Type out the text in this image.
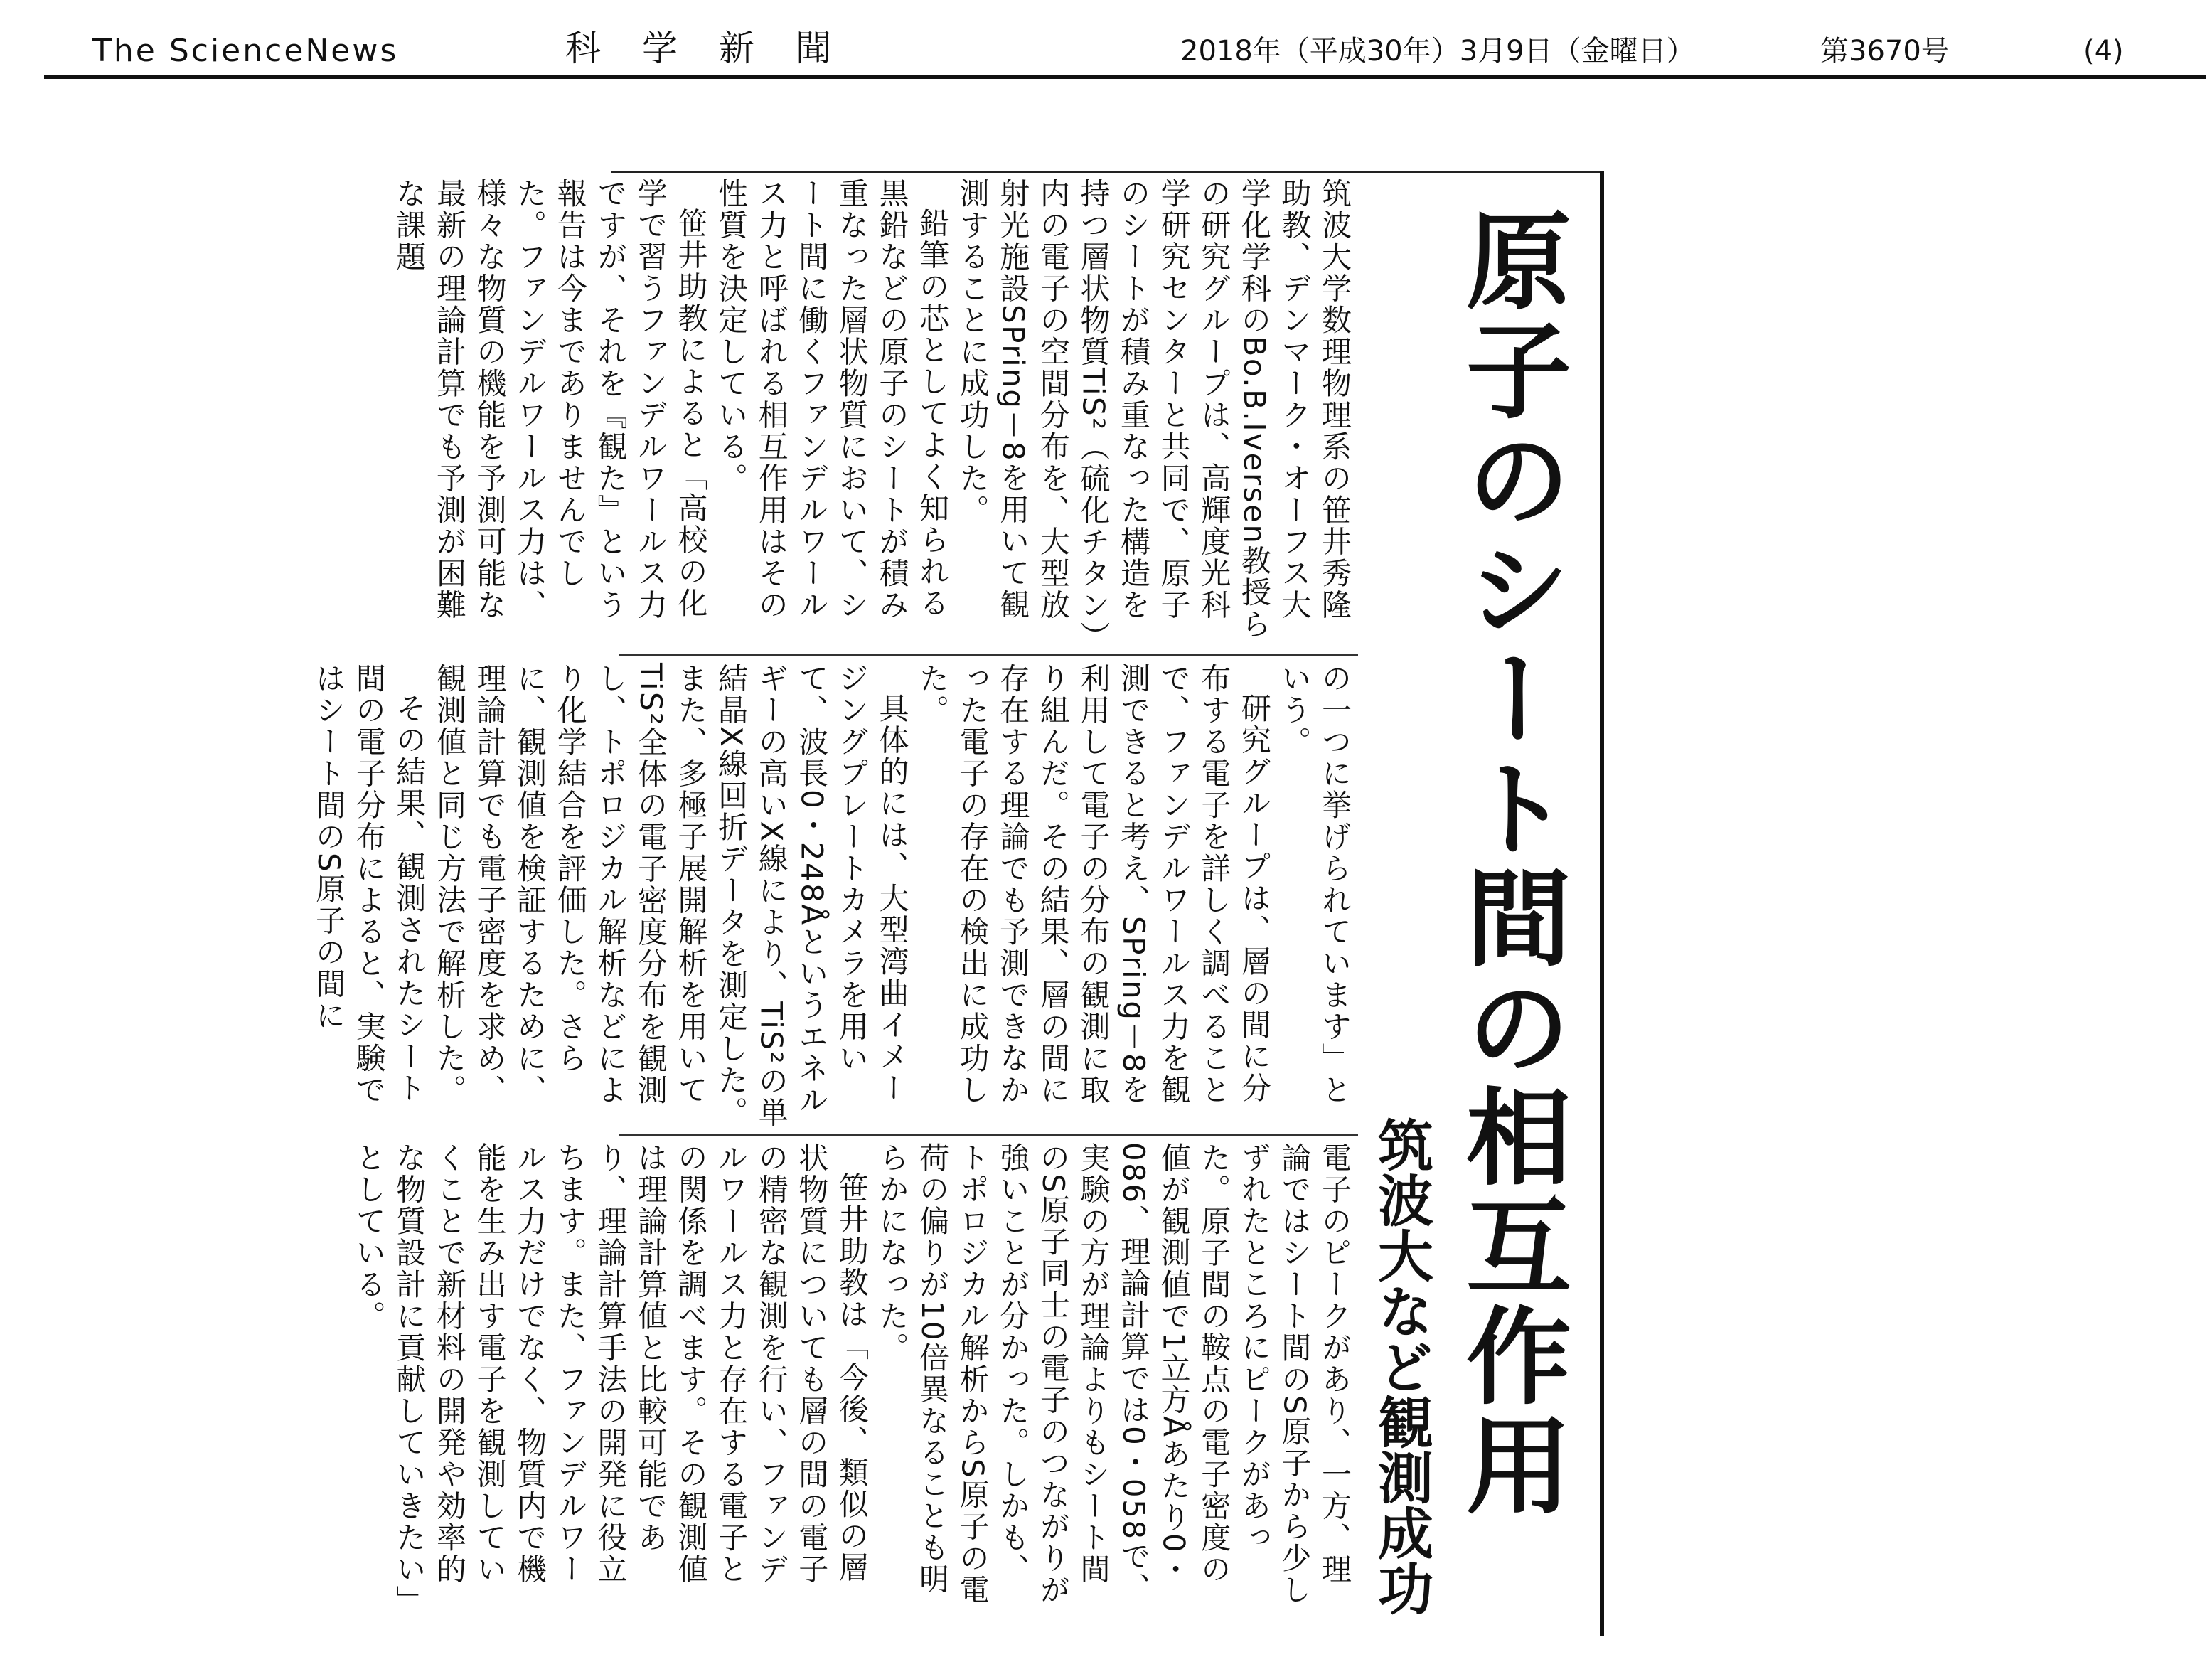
The ScienceNews	科学新聞	2018年（平成30年）3月9日（金曜日）	第3670号	(4)
原子のシート間の相互作用
筑波大など観測成功

筑波大学数理物理系の笹井秀隆助教、デンマーク・オーフス大学化学科のBo.B.Iversen教授らの研究グループは、高輝度光科学研究センターと共同で、原子のシートが積み重なった構造を持つ層状物質TiS²（硫化チタン）内の電子の空間分布を、大型放射光施設SPring－8を用いて観測することに成功した。

鉛筆の芯としてよく知られる黒鉛などの原子のシートが積み重なった層状物質において、シート間に働くファンデルワールス力と呼ばれる相互作用はその性質を決定している。

笹井助教によると「高校の化学で習うファンデルワールス力ですが、それを『観た』という報告は今までありませんでした。ファンデルワールス力は、様々な物質の機能を予測可能な最新の理論計算でも予測が困難な課題

の一つに挙げられています」という。

研究グループは、層の間に分布する電子を詳しく調べることで、ファンデルワールス力を観測できると考え、SPring－8を利用して電子の分布の観測に取り組んだ。その結果、層の間に存在する理論でも予測できなかった電子の存在の検出に成功した。

具体的には、大型湾曲イメージングプレートカメラを用いて、波長0・248Åというエネルギーの高いX線により、TiS²の単結晶X線回折データを測定した。また、多極子展開解析を用いてTiS²全体の電子密度分布を観測し、トポロジカル解析などにより化学結合を評価した。さらに、観測値を検証するために、理論計算でも電子密度を求め、観測値と同じ方法で解析した。

その結果、観測されたシート間の電子分布によると、実験ではシート間のS原子の間に

電子のピークがあり、一方、理論ではシート間のS原子から少しずれたところにピークがあった。原子間の鞍点の電子密度の値が観測値で1立方Åあたり0・086、理論計算では0・058で、実験の方が理論よりもシート間のS原子同士の電子のつながりが強いことが分かった。しかも、トポロジカル解析からS原子の電荷の偏りが10倍異なることも明らかになった。

笹井助教は「今後、類似の層状物質についても層の間の電子の精密な観測を行い、ファンデルワールス力と存在する電子との関係を調べます。その観測値は理論計算値と比較可能であり、理論計算手法の開発に役立ちます。また、ファンデルワールス力だけでなく、物質内で機能を生み出す電子を観測していくことで新材料の開発や効率的な物質設計に貢献していきたい」としている。
